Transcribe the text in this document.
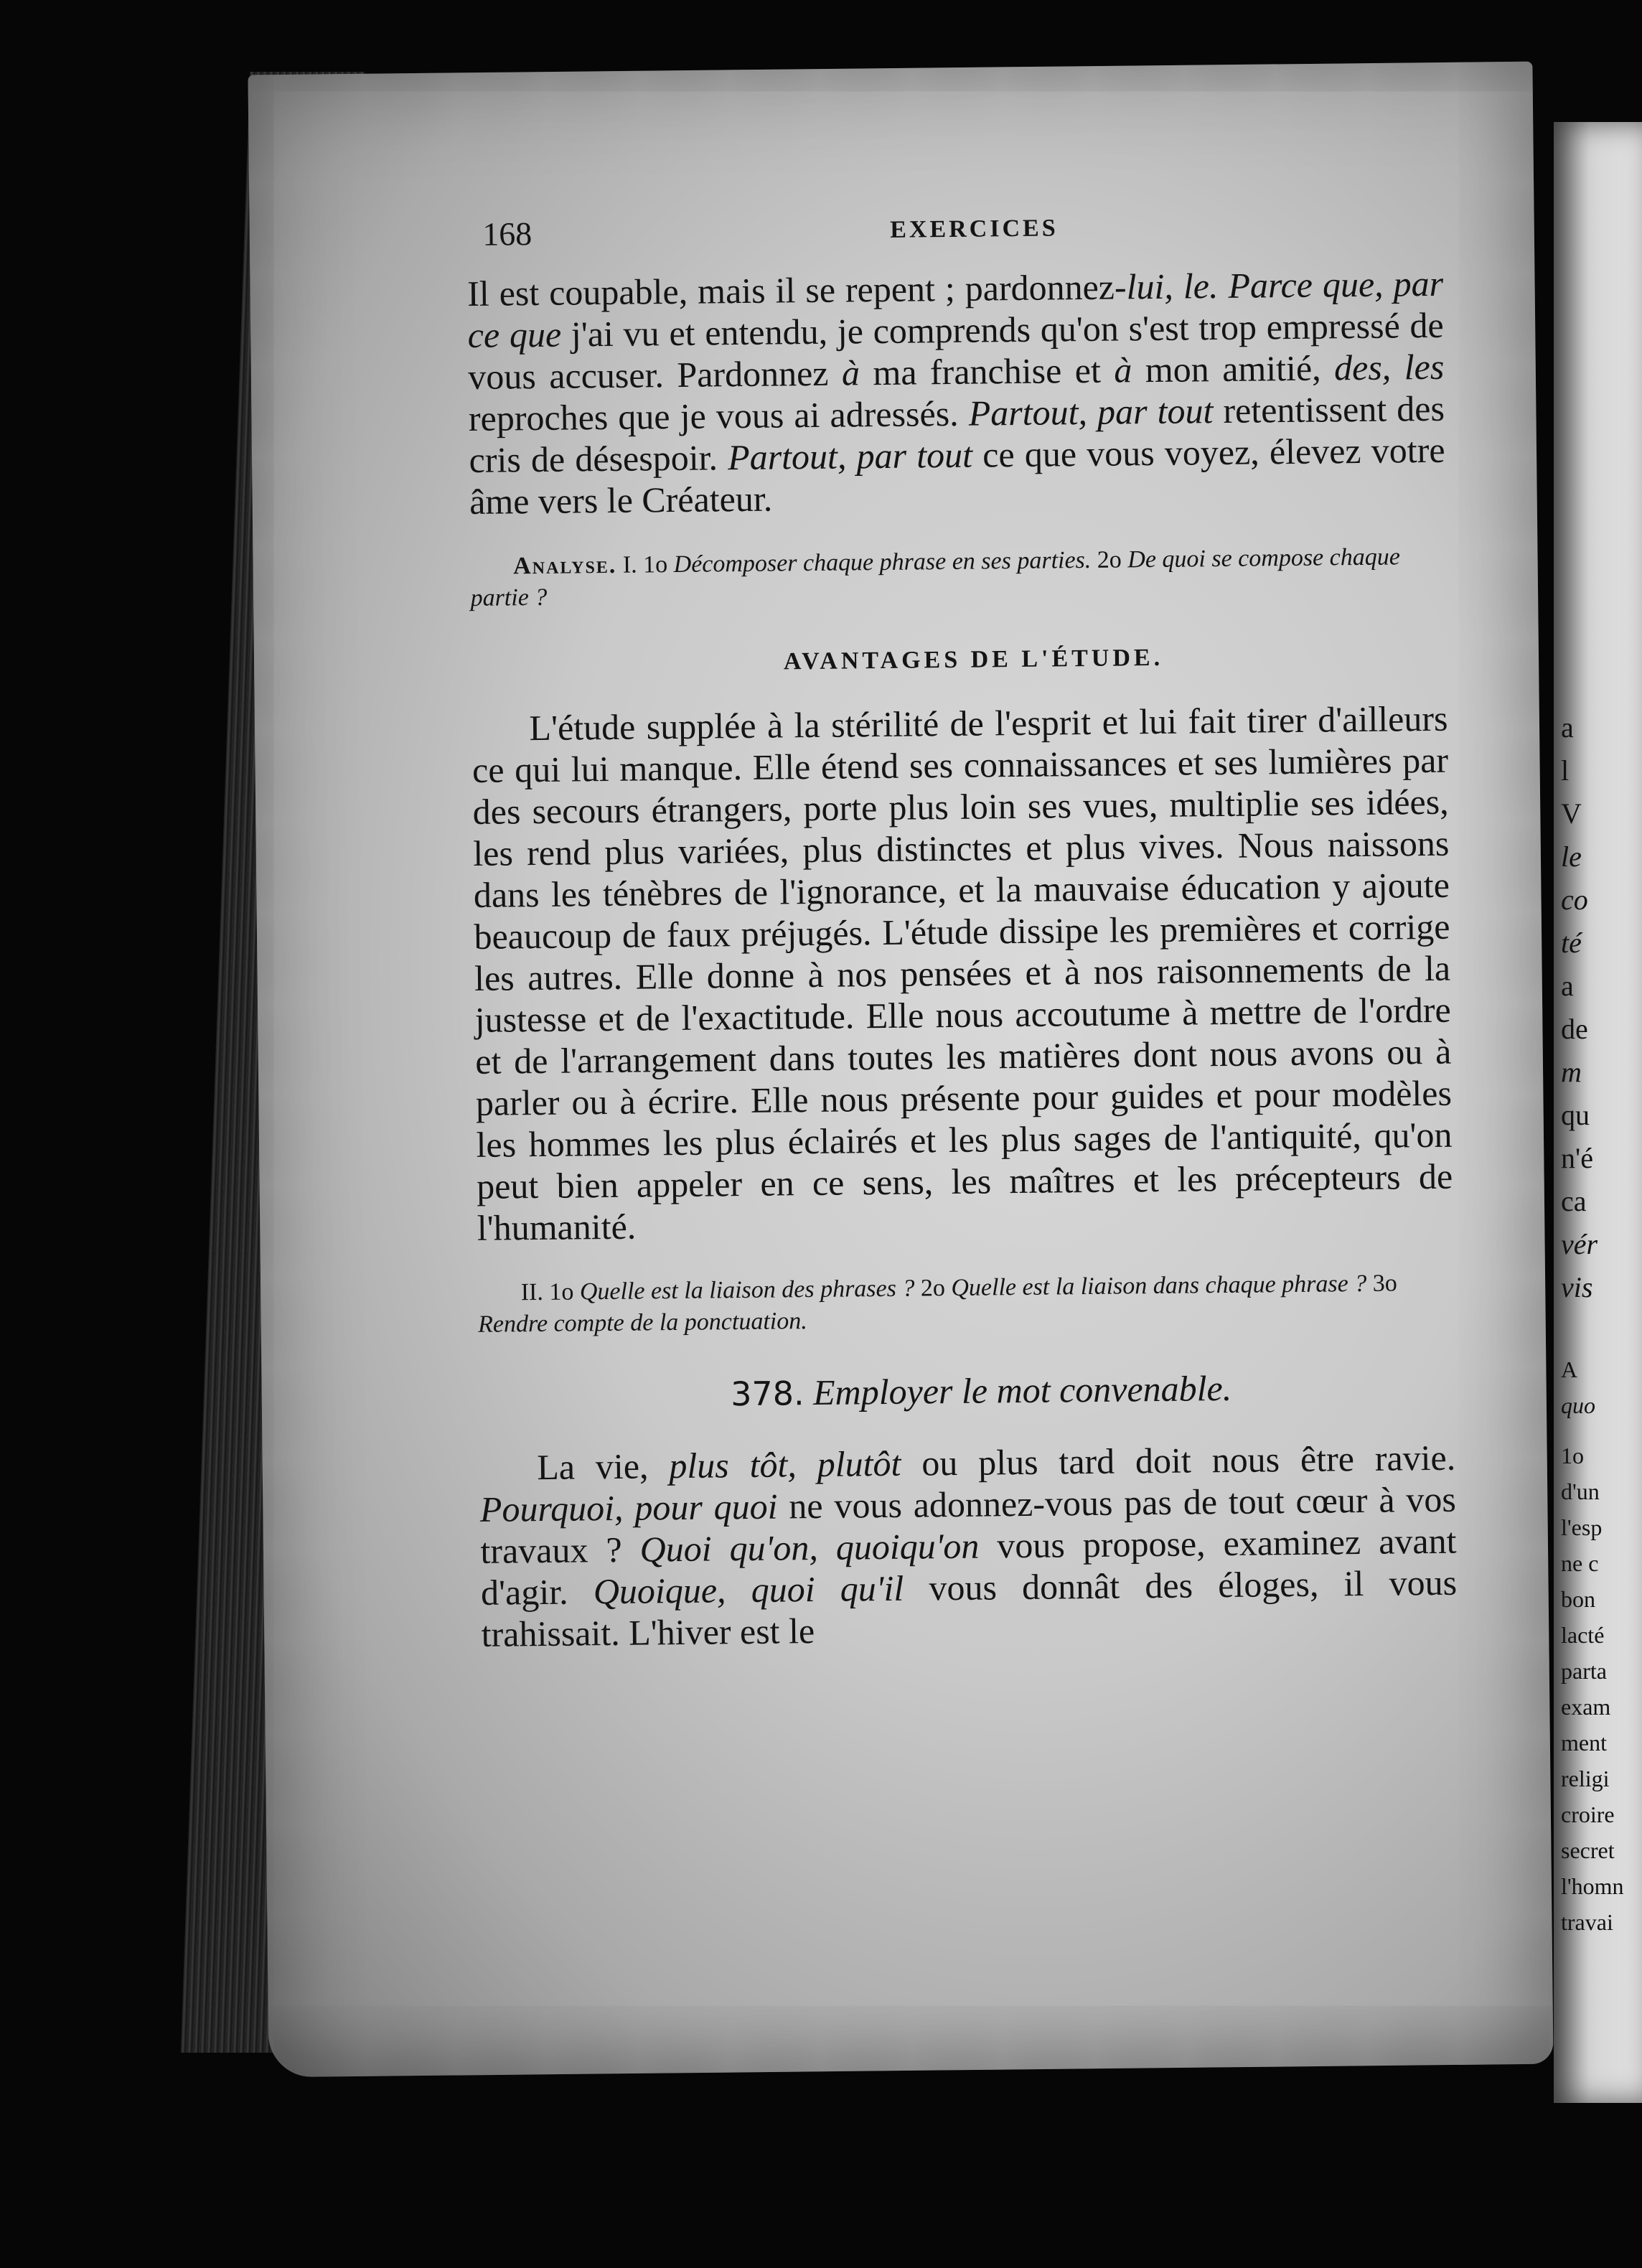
a
l
V
le
co
té
a
de
m
qu
n'é
ca
vér
vis
A
quo
1o
d'un
l'esp
ne c
bon
lacté
parta
exam
ment
religi
croire
secret
l'homn
travai
168	EXERCICES

Il est coupable, mais il se repent ; pardonnez-lui, le. Parce que, par ce que j'ai vu et entendu, je comprends qu'on s'est trop empressé de vous accuser. Pardonnez à ma franchise et à mon amitié, des, les reproches que je vous ai adressés. Partout, par tout retentissent des cris de désespoir. Partout, par tout ce que vous voyez, élevez votre âme vers le Créateur.

Analyse. I. 1o Décomposer chaque phrase en ses parties. 2o De quoi se compose chaque partie ?
AVANTAGES DE L'ÉTUDE.

L'étude supplée à la stérilité de l'esprit et lui fait tirer d'ailleurs ce qui lui manque. Elle étend ses connaissances et ses lumières par des secours étrangers, porte plus loin ses vues, multiplie ses idées, les rend plus variées, plus distinctes et plus vives. Nous naissons dans les ténèbres de l'ignorance, et la mauvaise éducation y ajoute beaucoup de faux préjugés. L'étude dissipe les premières et corrige les autres. Elle donne à nos pensées et à nos raisonnements de la justesse et de l'exactitude. Elle nous accoutume à mettre de l'ordre et de l'arrangement dans toutes les matières dont nous avons ou à parler ou à écrire. Elle nous présente pour guides et pour modèles les hommes les plus éclairés et les plus sages de l'antiquité, qu'on peut bien appeler en ce sens, les maîtres et les précepteurs de l'humanité.

II. 1o Quelle est la liaison des phrases ? 2o Quelle est la liaison dans chaque phrase ? 3o Rendre compte de la ponctuation.
378. Employer le mot convenable.

La vie, plus tôt, plutôt ou plus tard doit nous être ravie. Pourquoi, pour quoi ne vous adonnez-vous pas de tout cœur à vos travaux ? Quoi qu'on, quoiqu'on vous propose, examinez avant d'agir. Quoique, quoi qu'il vous donnât des éloges, il vous trahissait. L'hiver est le
